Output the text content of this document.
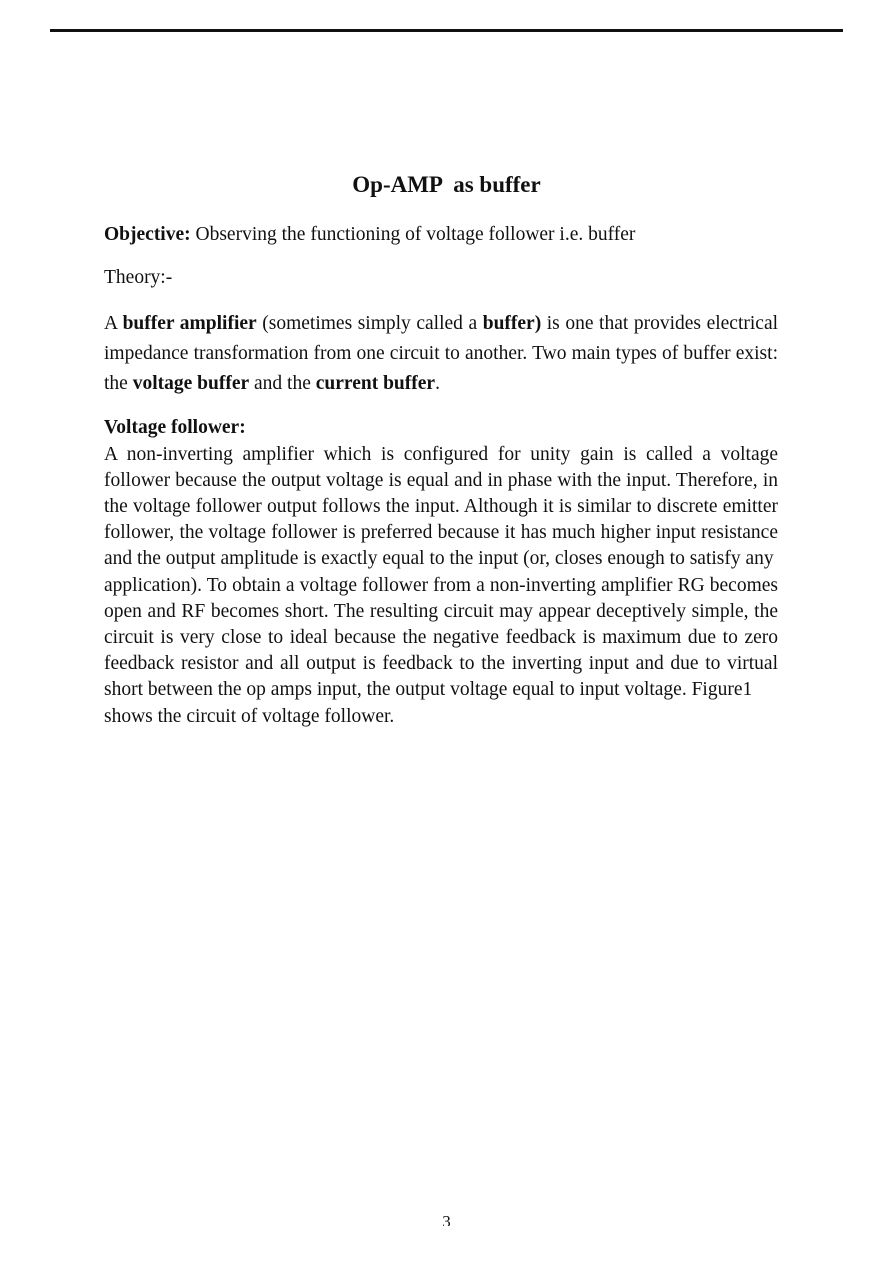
Op-AMP  as buffer

Objective: Observing the functioning of voltage follower i.e. buffer

Theory:-

A buffer amplifier (sometimes simply called a buffer) is one that provides electrical impedance transformation from one circuit to another. Two main types of buffer exist: the voltage buffer and the current buffer.

Voltage follower:

A non-inverting amplifier which is configured for unity gain is called a voltage follower because the output voltage is equal and in phase with the input. Therefore, in the voltage follower output follows the input. Although it is similar to discrete emitter follower, the voltage follower is preferred because it has much higher input resistance and the output amplitude is exactly equal to the input (or, closes enough to satisfy any

application). To obtain a voltage follower from a non-inverting amplifier RG becomes open and RF becomes short. The resulting circuit may appear deceptively simple, the circuit is very close to ideal because the negative feedback is maximum due to zero feedback resistor and all output is feedback to the inverting input and due to virtual short between the op amps input, the output voltage equal to input voltage. Figure1

shows the circuit of voltage follower.

3
